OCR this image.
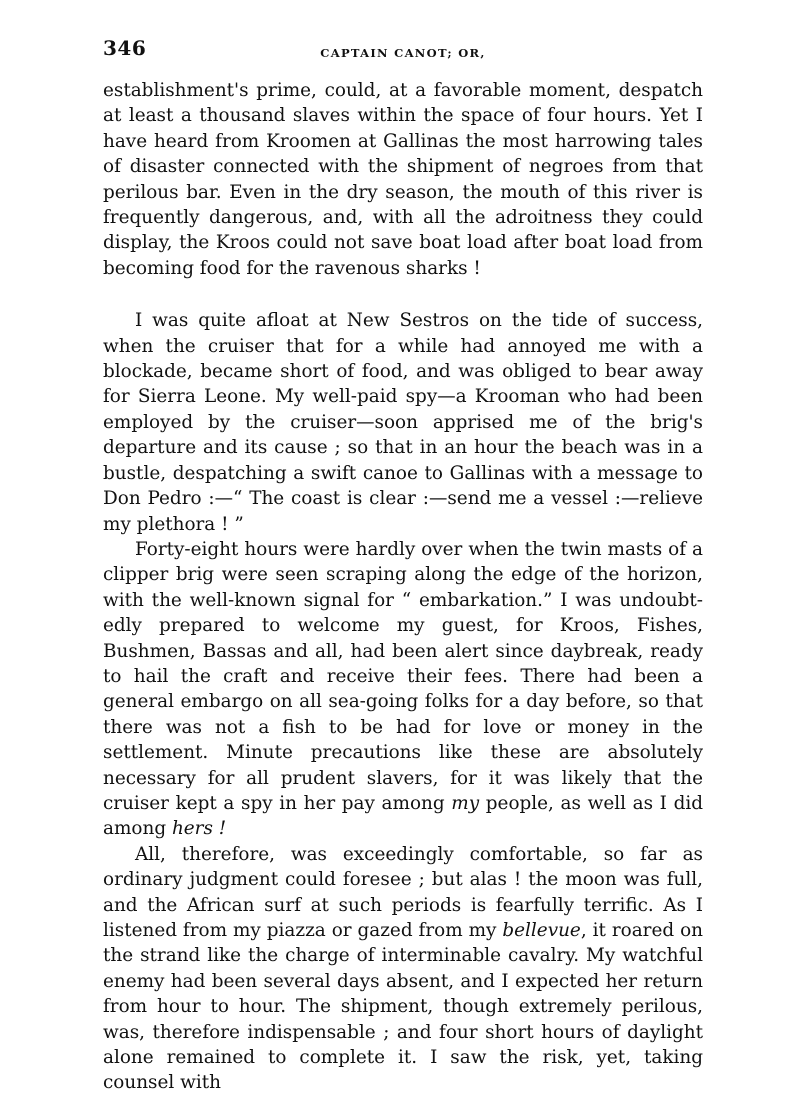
346	CAPTAIN CANOT; OR,

establishment's prime, could, at a favorable moment, despatch at least a thousand slaves within the space of four hours. Yet I have heard from Kroomen at Gallinas the most harrowing tales of disaster connected with the shipment of negroes from that perilous bar. Even in the dry season, the mouth of this river is frequently dangerous, and, with all the adroitness they could display, the Kroos could not save boat load after boat load from becoming food for the ravenous sharks !

I was quite afloat at New Sestros on the tide of success, when the cruiser that for a while had annoyed me with a blockade, became short of food, and was obliged to bear away for Sierra Leone. My well-paid spy—a Krooman who had been employed by the cruiser—soon apprised me of the brig's departure and its cause ; so that in an hour the beach was in a bustle, despatching a swift canoe to Gallinas with a message to Don Pedro :—“ The coast is clear :—send me a vessel :—relieve my plethora ! ”

Forty-eight hours were hardly over when the twin masts of a clipper brig were seen scraping along the edge of the horizon, with the well-known signal for “ embarkation.” I was undoubtedly prepared to welcome my guest, for Kroos, Fishes, Bushmen, Bassas and all, had been alert since daybreak, ready to hail the craft and receive their fees. There had been a general embargo on all sea-going folks for a day before, so that there was not a fish to be had for love or money in the settlement. Minute precautions like these are absolutely necessary for all prudent slavers, for it was likely that the cruiser kept a spy in her pay among my people, as well as I did among hers !

All, therefore, was exceedingly comfortable, so far as ordinary judgment could foresee ; but alas ! the moon was full, and the African surf at such periods is fearfully terrific. As I listened from my piazza or gazed from my bellevue, it roared on the strand like the charge of interminable cavalry. My watchful enemy had been several days absent, and I expected her return from hour to hour. The shipment, though extremely perilous, was, therefore indispensable ; and four short hours of daylight alone remained to complete it. I saw the risk, yet, taking counsel with
